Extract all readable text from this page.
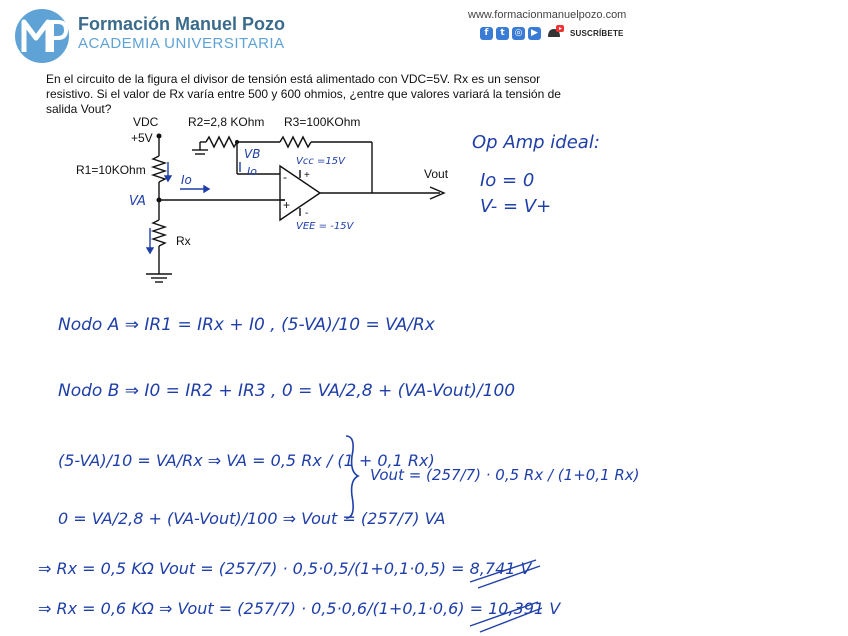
Formación Manuel Pozo
ACADEMIA UNIVERSITARIA
www.formacionmanuelpozo.com
f	t	◎ ▶	SUSCRÍBETE

En el circuito de la figura el divisor de tensión está alimentado con VDC=5V. Rx es un sensor resistivo. Si el valor de Rx varía entre 500 y 600 ohmios, ¿entre que valores variará la tensión de salida Vout?

VDC
+5V
R1=10KOhm
R2=2,8 KOhm R3=100KOhm
Rx
Vout
-
+
+
-
Io
VA
VB
Io
Vcc =15V
VEE = -15V
Op Amp ideal:
Io = 0
V- = V+
Nodo A ⇒ IR1 = IRx + I0 , (5-VA)/10 = VA/Rx
Nodo B ⇒ I0 = IR2 + IR3 , 0 = VA/2,8 + (VA-Vout)/100
(5-VA)/10 = VA/Rx ⇒ VA = 0,5 Rx / (1 + 0,1 Rx)
0 = VA/2,8 + (VA-Vout)/100 ⇒ Vout = (257/7) VA
Vout = (257/7) · 0,5 Rx / (1+0,1 Rx)
⇒ Rx = 0,5 KΩ Vout = (257/7) · 0,5·0,5/(1+0,1·0,5) = 8,741 V
⇒ Rx = 0,6 KΩ ⇒ Vout = (257/7) · 0,5·0,6/(1+0,1·0,6) = 10,391 V
